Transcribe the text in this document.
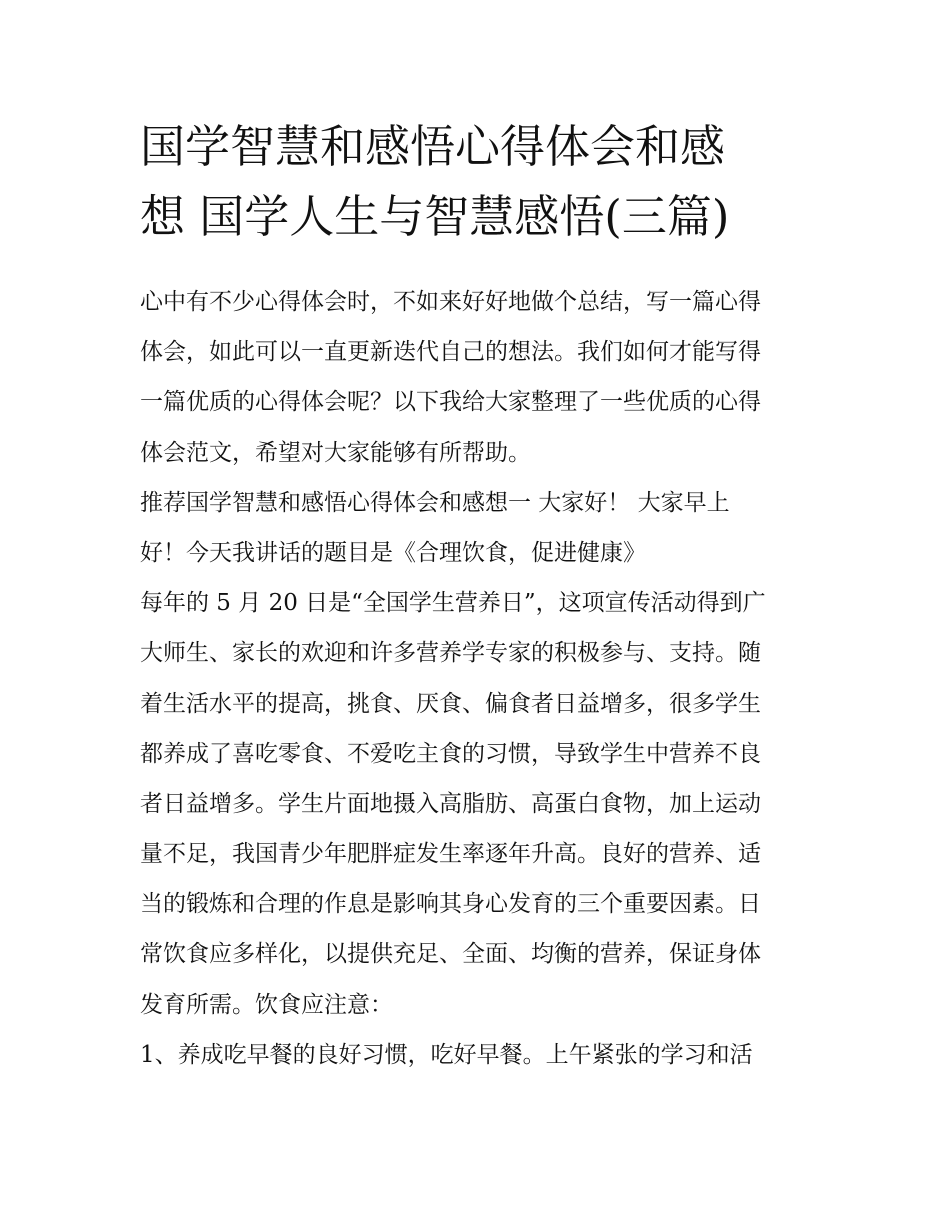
国学智慧和感悟心得体会和感
想 国学人生与智慧感悟(三篇)
心中有不少心得体会时，不如来好好地做个总结，写一篇心得
体会，如此可以一直更新迭代自己的想法。我们如何才能写得
一篇优质的心得体会呢？以下我给大家整理了一些优质的心得
体会范文，希望对大家能够有所帮助。
推荐国学智慧和感悟心得体会和感想一 大家好！ 大家早上
好！今天我讲话的题目是《合理饮食，促进健康》
每年的 5 月 20 日是“全国学生营养日”，这项宣传活动得到广
大师生、家长的欢迎和许多营养学专家的积极参与、支持。随
着生活水平的提高，挑食、厌食、偏食者日益增多，很多学生
都养成了喜吃零食、不爱吃主食的习惯，导致学生中营养不良
者日益增多。学生片面地摄入高脂肪、高蛋白食物，加上运动
量不足，我国青少年肥胖症发生率逐年升高。良好的营养、适
当的锻炼和合理的作息是影响其身心发育的三个重要因素。日
常饮食应多样化，以提供充足、全面、均衡的营养，保证身体
发育所需。饮食应注意：
1、养成吃早餐的良好习惯，吃好早餐。上午紧张的学习和活
